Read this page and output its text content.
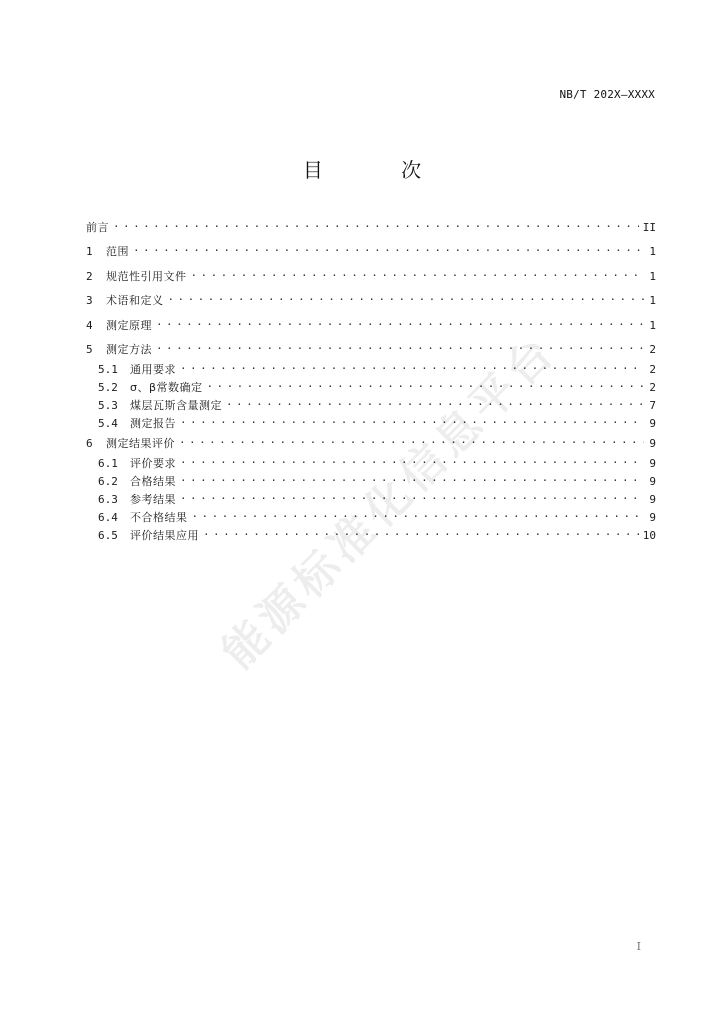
NB/T 202X—XXXX
目 次
前言 . . .	II
1	范围 . . .	1
2	规范性引用文件 . . .	1
3	术语和定义 . . .	1
4	测定原理 . . .	1
5	测定方法 . . .	2
5.1	通用要求 . . .	2
5.2	σ、β常数确定 . . .	2
5.3	煤层瓦斯含量测定 . . .	7
5.4	测定报告 . . .	9
6	测定结果评价 . . .	9
6.1	评价要求 . . .	9
6.2	合格结果 . . .	9
6.3	参考结果 . . .	9
6.4	不合格结果 . . .	9
6.5	评价结果应用 . . .	10
能源标准化信息平台
I
